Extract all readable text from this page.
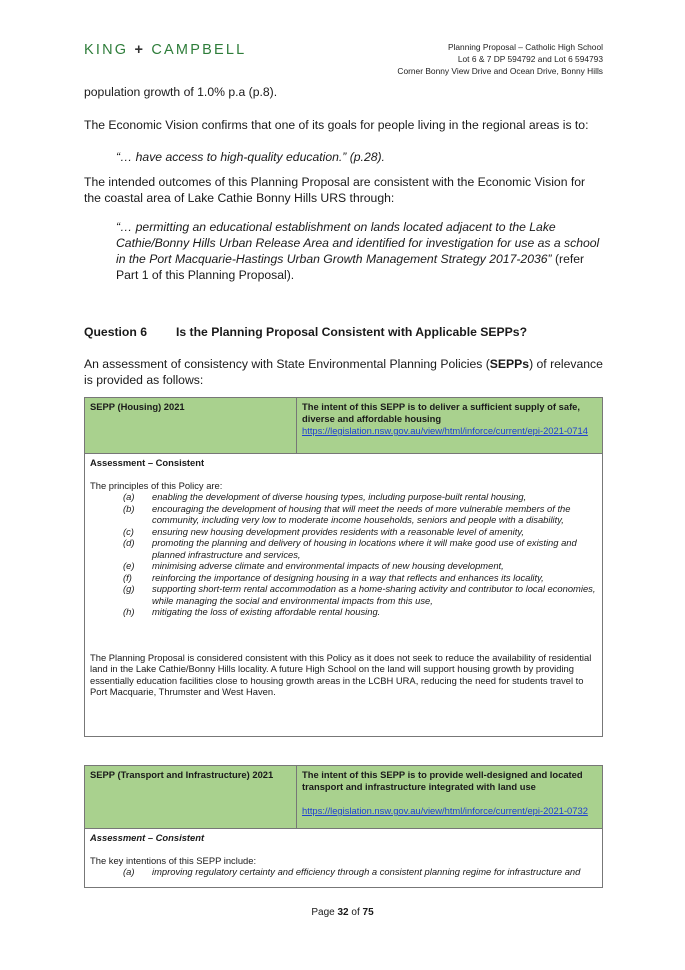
KING + CAMPBELL	Planning Proposal – Catholic High School
Lot 6 & 7 DP 594792 and Lot 6 594793
Corner Bonny View Drive and Ocean Drive, Bonny Hills
population growth of 1.0% p.a (p.8).
The Economic Vision confirms that one of its goals for people living in the regional areas is to:
“… have access to high-quality education.” (p.28).
The intended outcomes of this Planning Proposal are consistent with the Economic Vision for the coastal area of Lake Cathie Bonny Hills URS through:
“… permitting an educational establishment on lands located adjacent to the Lake Cathie/Bonny Hills Urban Release Area and identified for investigation for use as a school in the Port Macquarie-Hastings Urban Growth Management Strategy 2017-2036” (refer Part 1 of this Planning Proposal).
Question 6 Is the Planning Proposal Consistent with Applicable SEPPs?
An assessment of consistency with State Environmental Planning Policies (SEPPs) of relevance is provided as follows:
SEPP (Housing) 2021	The intent of this SEPP is to deliver a sufficient supply of safe, diverse and affordable housing
https://legislation.nsw.gov.au/view/html/inforce/current/epi-2021-0714

Assessment – Consistent
The principles of this Policy are:
(a) enabling the development of diverse housing types, including purpose-built rental housing,
(b) encouraging the development of housing that will meet the needs of more vulnerable members of the community, including very low to moderate income households, seniors and people with a disability,
(c) ensuring new housing development provides residents with a reasonable level of amenity,
(d) promoting the planning and delivery of housing in locations where it will make good use of existing and planned infrastructure and services,
(e) minimising adverse climate and environmental impacts of new housing development,
(f) reinforcing the importance of designing housing in a way that reflects and enhances its locality,
(g) supporting short-term rental accommodation as a home-sharing activity and contributor to local economies, while managing the social and environmental impacts from this use,
(h) mitigating the loss of existing affordable rental housing.
The Planning Proposal is considered consistent with this Policy as it does not seek to reduce the availability of residential land in the Lake Cathie/Bonny Hills locality. A future High School on the land will support housing growth by providing essentially education facilities close to housing growth areas in the LCBH URA, reducing the need for students travel to Port Macquarie, Thrumster and West Haven.
SEPP (Transport and Infrastructure) 2021	The intent of this SEPP is to provide well-designed and located transport and infrastructure integrated with land use
https://legislation.nsw.gov.au/view/html/inforce/current/epi-2021-0732

Assessment – Consistent
The key intentions of this SEPP include:
(a) improving regulatory certainty and efficiency through a consistent planning regime for infrastructure and
Page 32 of 75
